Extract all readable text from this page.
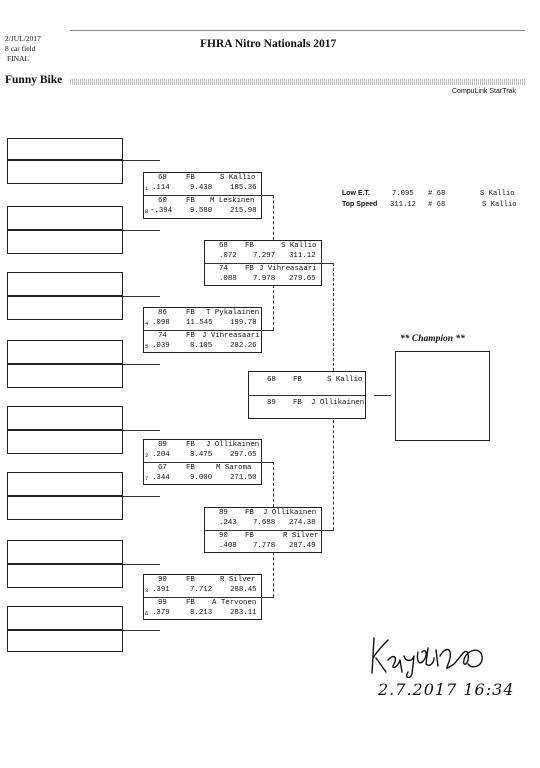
2/JUL/2017
8 car field
FINAL
FHRA Nitro Nationals 2017
Funny Bike
CompuLink StarTrak
68	FB	S Kallio
1 .114	9.438 185.36
60	FB M Leskinen
8 -.394 9.580 215.98
86	FB T Pykalainen
4 .098 11.545 199.78
74	FB J Vihreasaari
5 .039	8.105 282.26
89	FB J Ollikainen
2 .204	8.475 297.65
67	FB	M Saroma
7 .344	9.000 271.50
90	FB	R Silver
3 .391	7.712 288.45
99	FB A Tervonen
6 .379	8.213 283.11
68 FB	S Kallio
.072 7.297 311.12
74 FB J Vihreasaari
.088 7.978 279.65
89 FB J Ollikainen
.243 7.688 274.38
90 FB	R Silver
.408 7.778 287.49
68 FB	S Kallio
89 FB J Ollikainen
Low E.T.	7.095 # 68	S Kallio
Top Speed 311.12 # 68	S Kallio
** Champion **
2.7.2017 16:34
